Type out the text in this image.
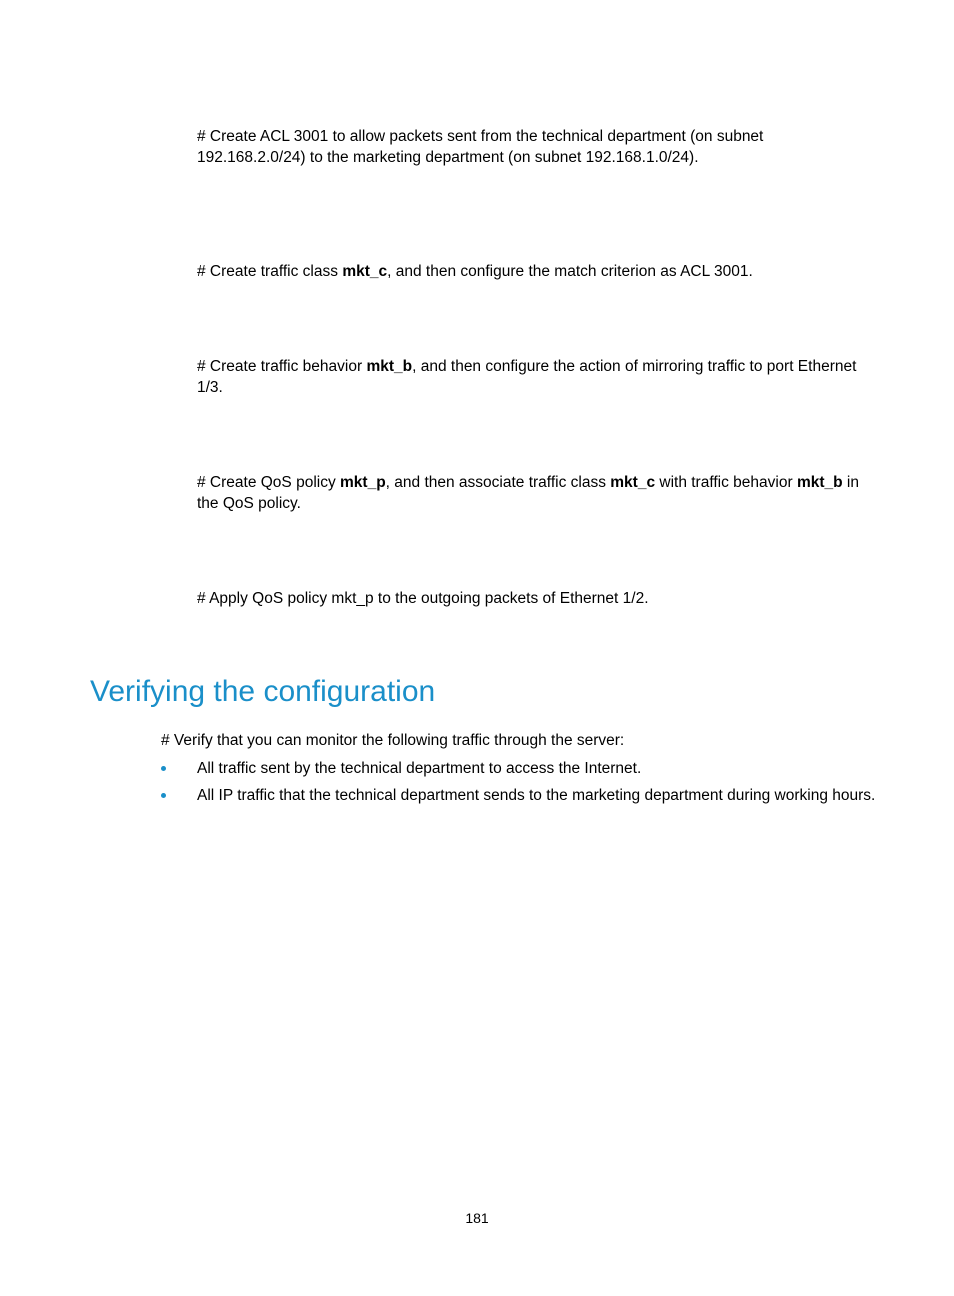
# Create ACL 3001 to allow packets sent from the technical department (on subnet 192.168.2.0/24) to the marketing department (on subnet 192.168.1.0/24).

# Create traffic class mkt_c, and then configure the match criterion as ACL 3001.

# Create traffic behavior mkt_b, and then configure the action of mirroring traffic to port Ethernet 1/3.

# Create QoS policy mkt_p, and then associate traffic class mkt_c with traffic behavior mkt_b in the QoS policy.

# Apply QoS policy mkt_p to the outgoing packets of Ethernet 1/2.

Verifying the configuration

# Verify that you can monitor the following traffic through the server:

All traffic sent by the technical department to access the Internet.
All IP traffic that the technical department sends to the marketing department during working hours.

181
